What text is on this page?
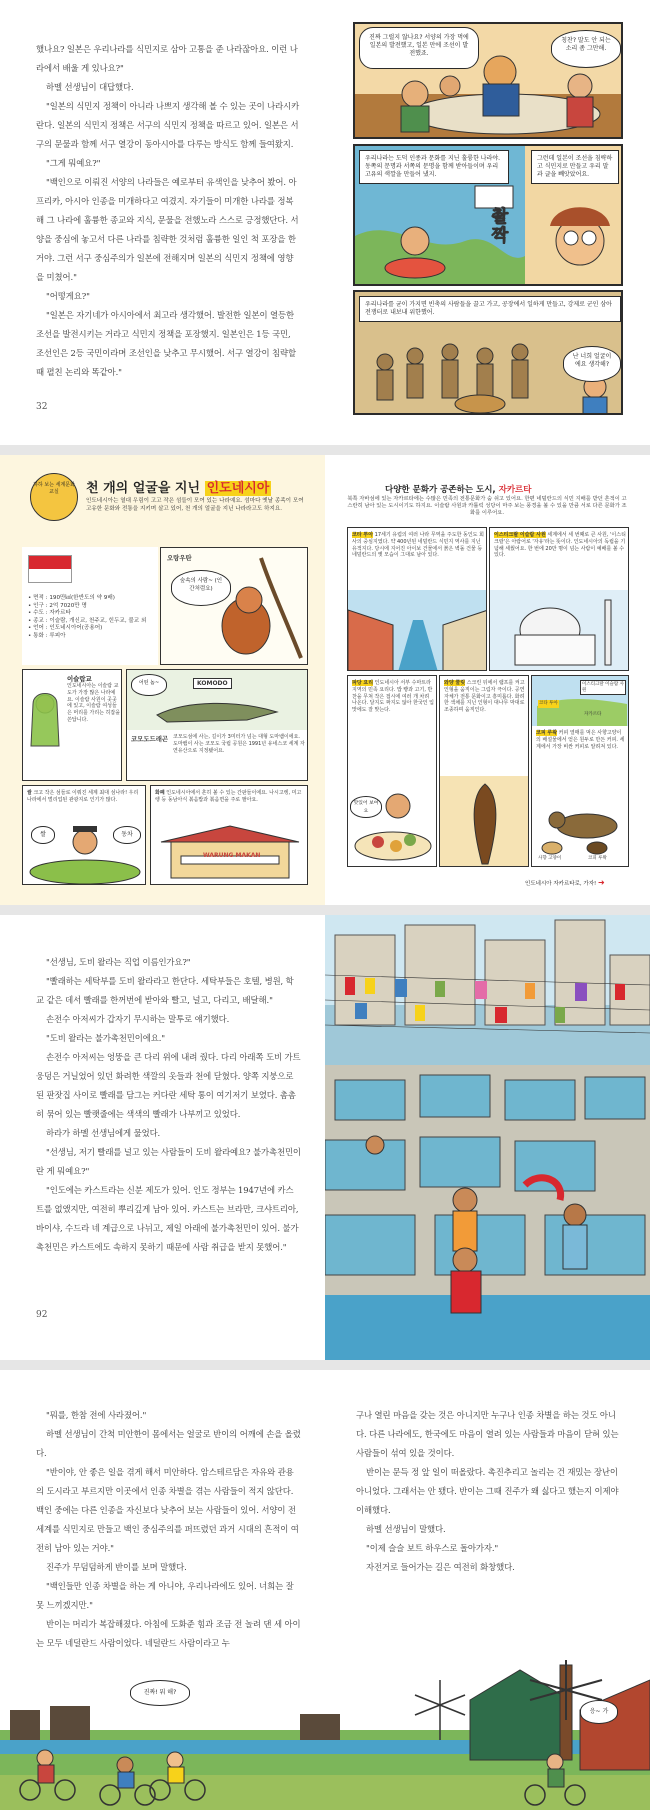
했나요? 일본은 우리나라를 식민지로 삼아 고통을 준 나라잖아요. 이런 나라에서 배울 게 있나요?"

하멜 선생님이 대답했다.

"일본의 식민지 정책이 아니라 나쁘지 생각해 볼 수 있는 곳이 나라시카란다. 일본의 식민지 정책은 서구의 식민지 정책을 따르고 있어. 일본은 서구의 문물과 함께 서구 열강이 동아시아를 다루는 방식도 함께 들여왔지.

"그게 뭐예요?"

"백인으로 이뤄진 서양의 나라들은 예로부터 유색인을 낮추어 봤어. 아프리카, 아시아 인종을 미개하다고 여겼지. 자기들이 미개한 나라를 정복해 그 나라에 훌륭한 종교와 지식, 문물을 전했노라 스스로 긍정했단다. 서양을 중심에 놓고서 다른 나라를 침략한 것처럼 훌륭한 일인 척 포장을 한 거야. 그런 서구 중심주의가 일본에 전해지며 일본의 식민지 정책에 영향을 미쳤어."

"어떻게요?"

"일본은 자기네가 아시아에서 최고라 생각했어. 발전한 일본이 열등한 조선을 발전시키는 거라고 식민지 정책을 포장했지. 일본인은 1등 국민, 조선인은 2등 국민이라며 조선인을 낮추고 무시했어. 서구 열강이 침략할 때 펼친 논리와 똑같아."

32
진짜 그럴지 않나요? 서양의 가장 먹에 일본의 발전했고, 일본 만에 조선이 발전했죠.
칭찬? 말도 안 되는 소리 좀 그만해.
우리나라는 도덕 인종과 문화를 지닌 훌륭한 나라야. 동쪽의 문명과 서쪽의 문명을 함께 받아들이며 우리 고유의 색깔을 만들어 냈지.
그런데 일본이 조선을 침략하고 식민지로 만들고 우리 말과 글을 빼앗았어요.
촬 짝
우리나라를 균이 가지면 빈축의 사람들을 끌고 가고, 공장에서 일하게 만들고, 강제로 군인 삼아 전쟁터로 내보내 위한했어.
난 너희 얼굴이에요 생각해?
하하 보는 세계문화 교실	천 개의 얼굴을 지닌 인도네시아
인도네시아는 열대 우림이 고고 작은 섬들이 모여 있는 나라예요. 섬마다 옛날 종족이 모여 고유한 문화와 전통을 지키며 살고 있어, 천 개의 얼굴을 지닌 나라라고도 하지요.
• 면적 : 190만㎢(한반도의 약 9배)
• 인구 : 2억 7020만 명
• 수도 : 자카르타
• 종교 : 이슬람, 개신교, 천주교, 힌두교, 불교 외
• 언어 : 인도네시아어(공용어)
• 통화 : 루피아
오랑우탄
숲속의 사람~ (인간처럼요)
이슬람교
인도네시아는 이슬람 교도가 가장 많은 나라예요. 이슬람 사원이 곳곳에 있고, 이슬람 여성들은 머리를 가리는 히잡을 쓴답니다.
어떤 놈~	KOMODO
코모도드래곤 코모도섬에 사는, 길이가 3미터가 넘는 대형 도마뱀이에요. 도마뱀이 사는 코모도 국립 공원은 1991년 유네스코 세계 자연유산으로 지정됐어요.
쌀 크고 작은 섬들로 이뤄진 세계 최대 섬나라! 우리나라에서 벌리업된 관광지로 인기가 많다.
쌀	동차
화폐 인도네시아에서 흔히 볼 수 있는 간판들이에요. 나시고렝, 미고렝 등 동남아식 볶음밥과 볶음면을 주로 팔아요.
WARUNG MAKAN
다양한 문화가 공존하는 도시, 자카르타
북쪽 자바섬에 있는 자카르타에는 수많은 민족의 전통문화가 숨 쉬고 있어요. 한편 네덜란드의 식민 지배를 받던 흔적이 고스란히 남아 있는 도시이기도 하지요. 이슬람 사원과 카톨릭 성당이 마주 보는 풍경을 볼 수 있을 만큼 서로 다른 문화가 조화를 이루어요.
코타 투아 17세기 유럽의 여러 나라 무역을 주도한 동인도 회사의 중심지였다. 약 400년된 네덜란드 식민지 역사를 지닌 유적지다. 당시에 지어진 아이보 건물에서 붉은 벽돌 건물 등 네덜란드의 옛 모습이 그대로 남아 있다.
이스티크랄 이슬람 사원 세계에서 세 번째로 큰 사원, '이스티크랄'은 아랍어로 '자유'라는 뜻이다. 인도네시아의 독립을 기념해 세웠어요. 한 번에 20만 명이 넘는 사람이 예배를 볼 수 있다.
파당 요리 인도네시아 서부 수마트라 지역의 민족 요리다. 밥 빵과 고기, 반찬을 무쳐 작은 접시에 여러 개 차려 나온다. 달지도 짜지도 않아 한국인 입맛에도 잘 맞는다.
맛있어 보여요
와양 쿨릿 스크린 뒤에서 램프를 켜고 인형을 움직이는 그림자 극이다. 공연 자체가 전통 문화이고 흥미롭다. 화려한 색채를 지닌 인형이 대나무 막대로 조종하며 움직인다.
이스티크랄 이슬람 사원
코타 투아
자카르타
코피 루왁 커피 열매를 먹은 사향고양이의 배설물에서 얻은 원두로 만든 커피. 세계에서 가장 비싼 커피로 알려져 있다.
사향 고양이	코피 루왁
인도네시아 자카르타로, 가자! ➜

"선생님, 도비 왈라는 직업 이름인가요?"

"빨래하는 세탁부를 도비 왈라라고 한단다. 세탁부들은 호텔, 병원, 학교 같은 데서 빨래를 한꺼번에 받아와 빨고, 널고, 다리고, 배달해."

손전수 아저씨가 갑자기 무시하는 말투로 얘기했다.

"도비 왈라는 불가촉천민이에요."

손전수 아저씨는 엉뚱을 큰 다리 위에 내려 줬다. 다리 아래쪽 도비 가트 웅덩은 거닐었어 있던 화려한 색깔의 옷들과 천에 닫혔다. 양쪽 지붕으로 된 판잣집 사이로 빨래를 담그는 커다란 세탁 통이 여기저기 보였다. 촘촘히 묶어 있는 빨랫줄에는 색색의 빨래가 나부끼고 있었다.

하라가 하멜 선생님에게 물었다.

"선생님, 저기 빨래를 널고 있는 사람들이 도비 왈라예요? 불가촉천민이란 게 뭐예요?"

"인도에는 카스트라는 신분 제도가 있어. 인도 정부는 1947년에 카스트를 없앴지만, 여전히 뿌리깊게 남아 있어. 카스트는 브라만, 크샤트리아, 바이샤, 수드라 네 계급으로 나뉘고, 제일 아래에 불가촉천민이 있어. 불가촉천민은 카스트에도 속하지 못하기 때문에 사람 취급을 받지 못했어."

92

"뭐를, 한참 전에 사라졌어."

하멜 선생님이 간척 미안한이 몸에서는 얼굴로 반이의 어깨에 손을 올렸다.

"반이야, 안 좋은 일을 겪게 해서 미안하다. 암스테르담은 자유와 관용의 도시라고 부르지만 이곳에서 인종 차별을 겪는 사람들이 적지 않단다. 백인 중에는 다른 인종을 자신보다 낮추어 보는 사람들이 있어. 서양이 전 세계를 식민지로 만들고 백인 중심주의를 퍼뜨렸던 과거 시대의 흔적이 여전히 남아 있는 거야."

진주가 무덤덤하게 반이를 보며 말했다.

"백인들만 인종 차별을 하는 게 아니야, 우리나라에도 있어. 너희는 잘 못 느끼겠지만."

반이는 머리가 복잡해졌다. 아침에 도화준 힘과 조금 전 놀려 댄 세 아이는 모두 네덜란드 사람이었다. 네덜란드 사람이라고 누

구나 열린 마음을 갖는 것은 아니지만 누구나 인종 차별을 하는 것도 아니다. 다른 나라에도, 한국에도 마음이 열려 있는 사람들과 마음이 닫혀 있는 사람들이 섞여 있을 것이다.

반이는 문득 정 앞 일이 떠올랐다. 촉진추리고 놀리는 건 재밌는 장난이 아니었다. 그래서는 안 됐다. 반이는 그때 진주가 왜 싫다고 했는지 이제야 이해했다.

하멜 선생님이 말했다.

"이제 슬슬 보트 하우스로 돌아가자."

자전거로 들어가는 길은 여전히 화창했다.

진짜! 뭐 해?
응~ 가
